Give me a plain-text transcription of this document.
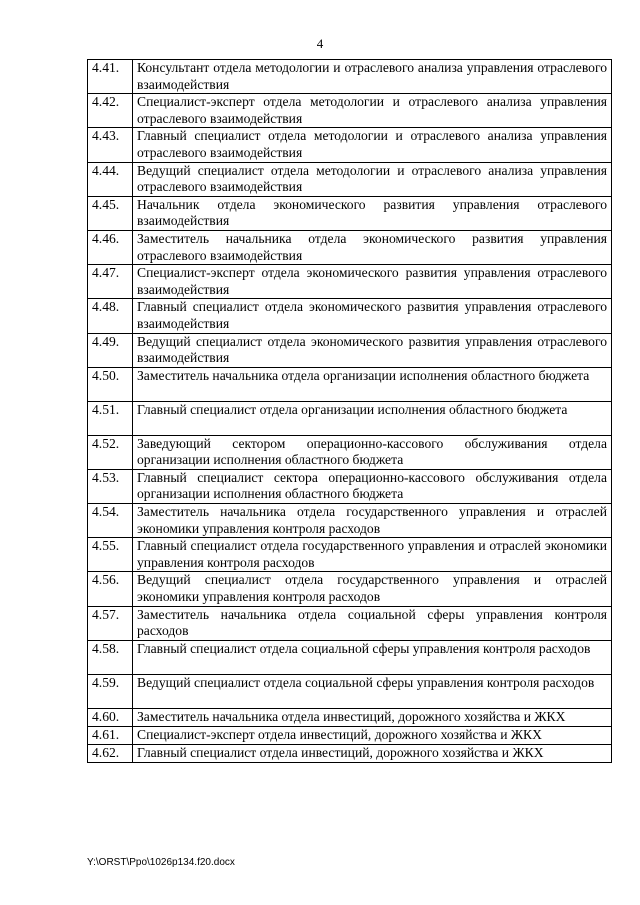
4
4.41.	Консультант отдела методологии и отраслевого анализа управления отраслевого взаимодействия
4.42.	Специалист-эксперт отдела методологии и отраслевого анализа управления отраслевого взаимодействия
4.43.	Главный специалист отдела методологии и отраслевого анализа управления отраслевого взаимодействия
4.44.	Ведущий специалист отдела методологии и отраслевого анализа управления отраслевого взаимодействия
4.45.	Начальник отдела экономического развития управления отраслевого взаимодействия
4.46.	Заместитель начальника отдела экономического развития управления отраслевого взаимодействия
4.47.	Специалист-эксперт отдела экономического развития управления отраслевого взаимодействия
4.48.	Главный специалист отдела экономического развития управления отраслевого взаимодействия
4.49.	Ведущий специалист отдела экономического развития управления отраслевого взаимодействия
4.50.	Заместитель начальника отдела организации исполнения областного бюджета
4.51.	Главный специалист отдела организации исполнения областного бюджета
4.52.	Заведующий сектором операционно-кассового обслуживания отдела организации исполнения областного бюджета
4.53.	Главный специалист сектора операционно-кассового обслуживания отдела организации исполнения областного бюджета
4.54.	Заместитель начальника отдела государственного управления и отраслей экономики управления контроля расходов
4.55.	Главный специалист отдела государственного управления и отраслей экономики управления контроля расходов
4.56.	Ведущий специалист отдела государственного управления и отраслей экономики управления контроля расходов
4.57.	Заместитель начальника отдела социальной сферы управления контроля расходов
4.58.	Главный специалист отдела социальной сферы управления контроля расходов
4.59.	Ведущий специалист отдела социальной сферы управления контроля расходов
4.60.	Заместитель начальника отдела инвестиций, дорожного хозяйства и ЖКХ
4.61.	Специалист-эксперт отдела инвестиций, дорожного хозяйства и ЖКХ
4.62.	Главный специалист отдела инвестиций, дорожного хозяйства и ЖКХ
Y:\ORST\Ppo\1026p134.f20.docx
